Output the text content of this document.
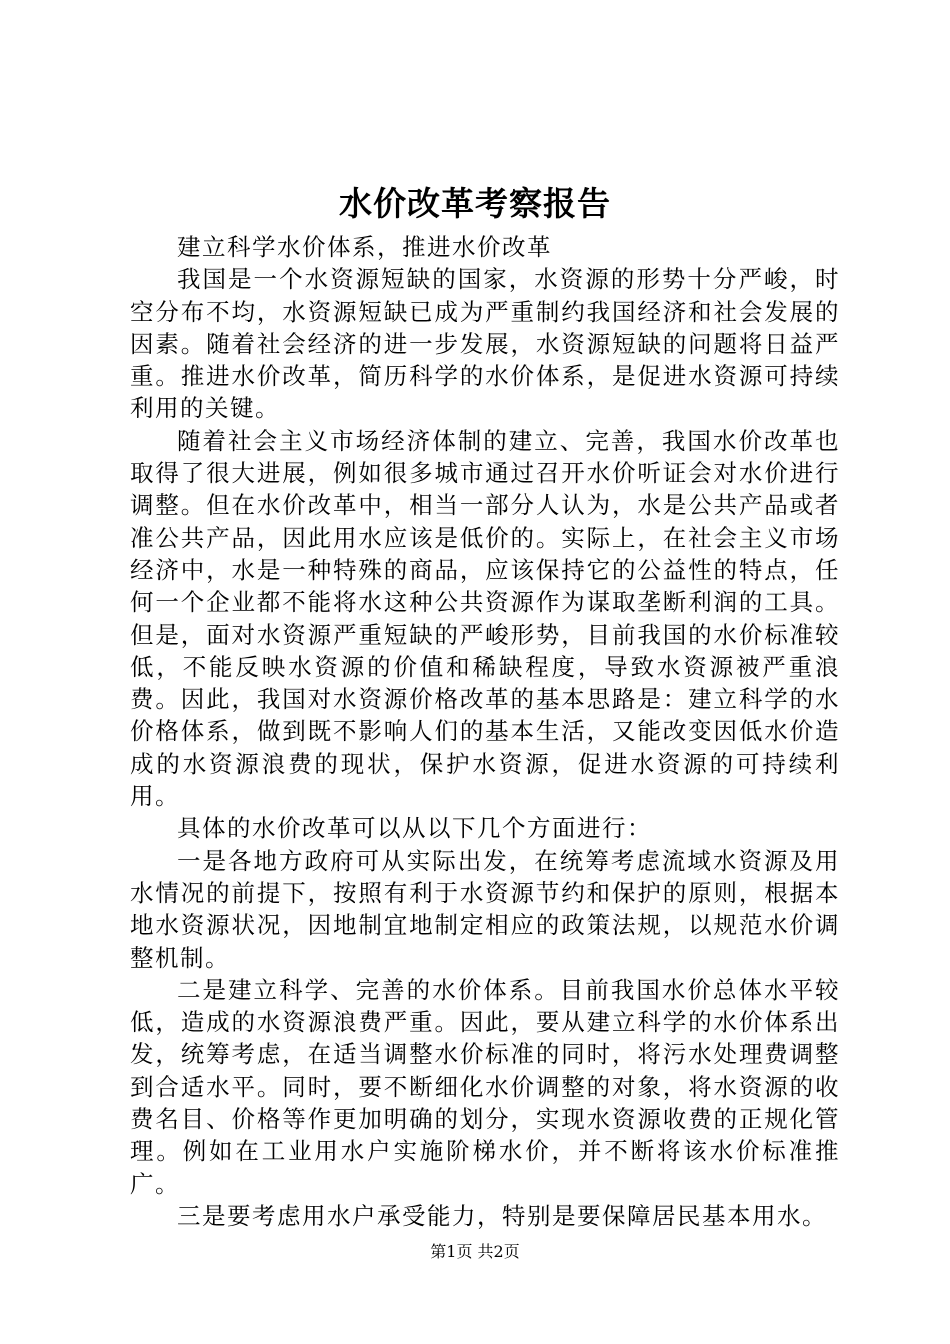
水价改革考察报告

建立科学水价体系，推进水价改革

我国是一个水资源短缺的国家，水资源的形势十分严峻，时空分布不均，水资源短缺已成为严重制约我国经济和社会发展的因素。随着社会经济的进一步发展，水资源短缺的问题将日益严重。推进水价改革，简历科学的水价体系，是促进水资源可持续利用的关键。

随着社会主义市场经济体制的建立、完善，我国水价改革也取得了很大进展，例如很多城市通过召开水价听证会对水价进行调整。但在水价改革中，相当一部分人认为，水是公共产品或者准公共产品，因此用水应该是低价的。实际上，在社会主义市场经济中，水是一种特殊的商品，应该保持它的公益性的特点，任何一个企业都不能将水这种公共资源作为谋取垄断利润的工具。但是，面对水资源严重短缺的严峻形势，目前我国的水价标准较低，不能反映水资源的价值和稀缺程度，导致水资源被严重浪费。因此，我国对水资源价格改革的基本思路是：建立科学的水价格体系，做到既不影响人们的基本生活，又能改变因低水价造成的水资源浪费的现状，保护水资源，促进水资源的可持续利用。

具体的水价改革可以从以下几个方面进行：

一是各地方政府可从实际出发，在统筹考虑流域水资源及用水情况的前提下，按照有利于水资源节约和保护的原则，根据本地水资源状况，因地制宜地制定相应的政策法规，以规范水价调整机制。

二是建立科学、完善的水价体系。目前我国水价总体水平较低，造成的水资源浪费严重。因此，要从建立科学的水价体系出发，统筹考虑，在适当调整水价标准的同时，将污水处理费调整到合适水平。同时，要不断细化水价调整的对象，将水资源的收费名目、价格等作更加明确的划分，实现水资源收费的正规化管理。例如在工业用水户实施阶梯水价，并不断将该水价标准推广。

三是要考虑用水户承受能力，特别是要保障居民基本用水。

第1页 共2页
